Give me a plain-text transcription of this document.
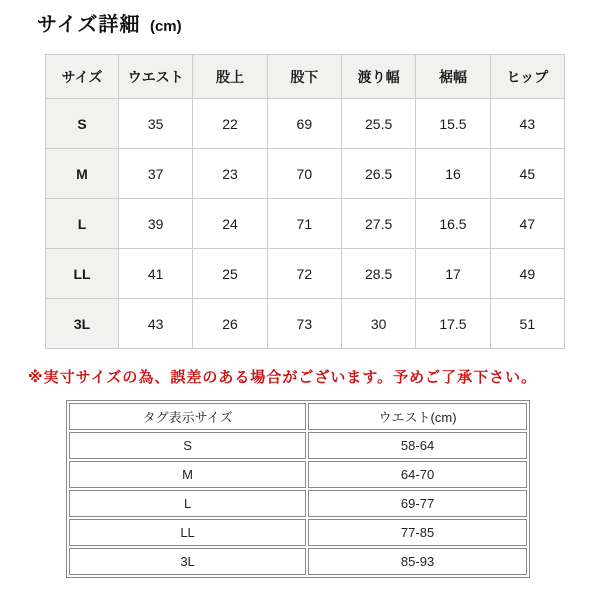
サイズ詳細 (cm)
サイズ	ウエスト	股上	股下	渡り幅	裾幅	ヒップ
S	35	22	69	25.5	15.5	43
M	37	23	70	26.5	16	45
L	39	24	71	27.5	16.5	47
LL	41	25	72	28.5	17	49
3L	43	26	73	30	17.5	51

※実寸サイズの為、誤差のある場合がございます。予めご了承下さい。

タグ表示サイズ	ウエスト(cm)
S	58-64
M	64-70
L	69-77
LL	77-85
3L	85-93
